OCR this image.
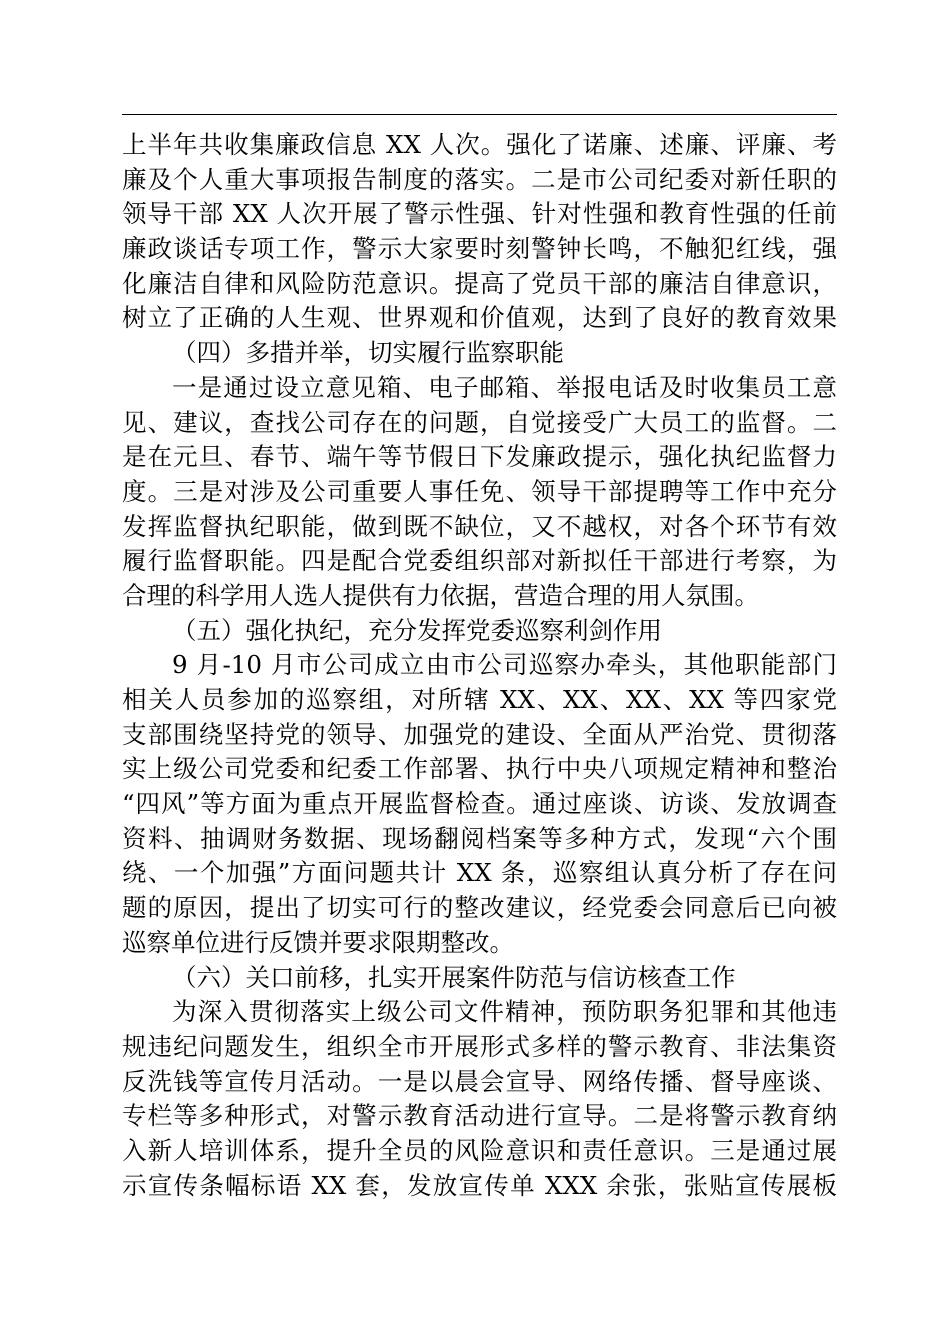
上半年共收集廉政信息 XX 人次。强化了诺廉、述廉、评廉、考
廉及个人重大事项报告制度的落实。二是市公司纪委对新任职的
领导干部 XX 人次开展了警示性强、针对性强和教育性强的任前
廉政谈话专项工作，警示大家要时刻警钟长鸣，不触犯红线，强
化廉洁自律和风险防范意识。提高了党员干部的廉洁自律意识，
树立了正确的人生观、世界观和价值观，达到了良好的教育效果
（四）多措并举，切实履行监察职能
一是通过设立意见箱、电子邮箱、举报电话及时收集员工意
见、建议，查找公司存在的问题，自觉接受广大员工的监督。二
是在元旦、春节、端午等节假日下发廉政提示，强化执纪监督力
度。三是对涉及公司重要人事任免、领导干部提聘等工作中充分
发挥监督执纪职能，做到既不缺位，又不越权，对各个环节有效
履行监督职能。四是配合党委组织部对新拟任干部进行考察，为
合理的科学用人选人提供有力依据，营造合理的用人氛围。
（五）强化执纪，充分发挥党委巡察利剑作用
9 月-10 月市公司成立由市公司巡察办牵头，其他职能部门
相关人员参加的巡察组，对所辖 XX、XX、XX、XX 等四家党
支部围绕坚持党的领导、加强党的建设、全面从严治党、贯彻落
实上级公司党委和纪委工作部署、执行中央八项规定精神和整治
“四风”等方面为重点开展监督检查。通过座谈、访谈、发放调查
资料、抽调财务数据、现场翻阅档案等多种方式，发现“六个围
绕、一个加强”方面问题共计 XX 条，巡察组认真分析了存在问
题的原因，提出了切实可行的整改建议，经党委会同意后已向被
巡察单位进行反馈并要求限期整改。
（六）关口前移，扎实开展案件防范与信访核查工作
为深入贯彻落实上级公司文件精神，预防职务犯罪和其他违
规违纪问题发生，组织全市开展形式多样的警示教育、非法集资
反洗钱等宣传月活动。一是以晨会宣导、网络传播、督导座谈、
专栏等多种形式，对警示教育活动进行宣导。二是将警示教育纳
入新人培训体系，提升全员的风险意识和责任意识。三是通过展
示宣传条幅标语 XX 套，发放宣传单 XXX 余张，张贴宣传展板
